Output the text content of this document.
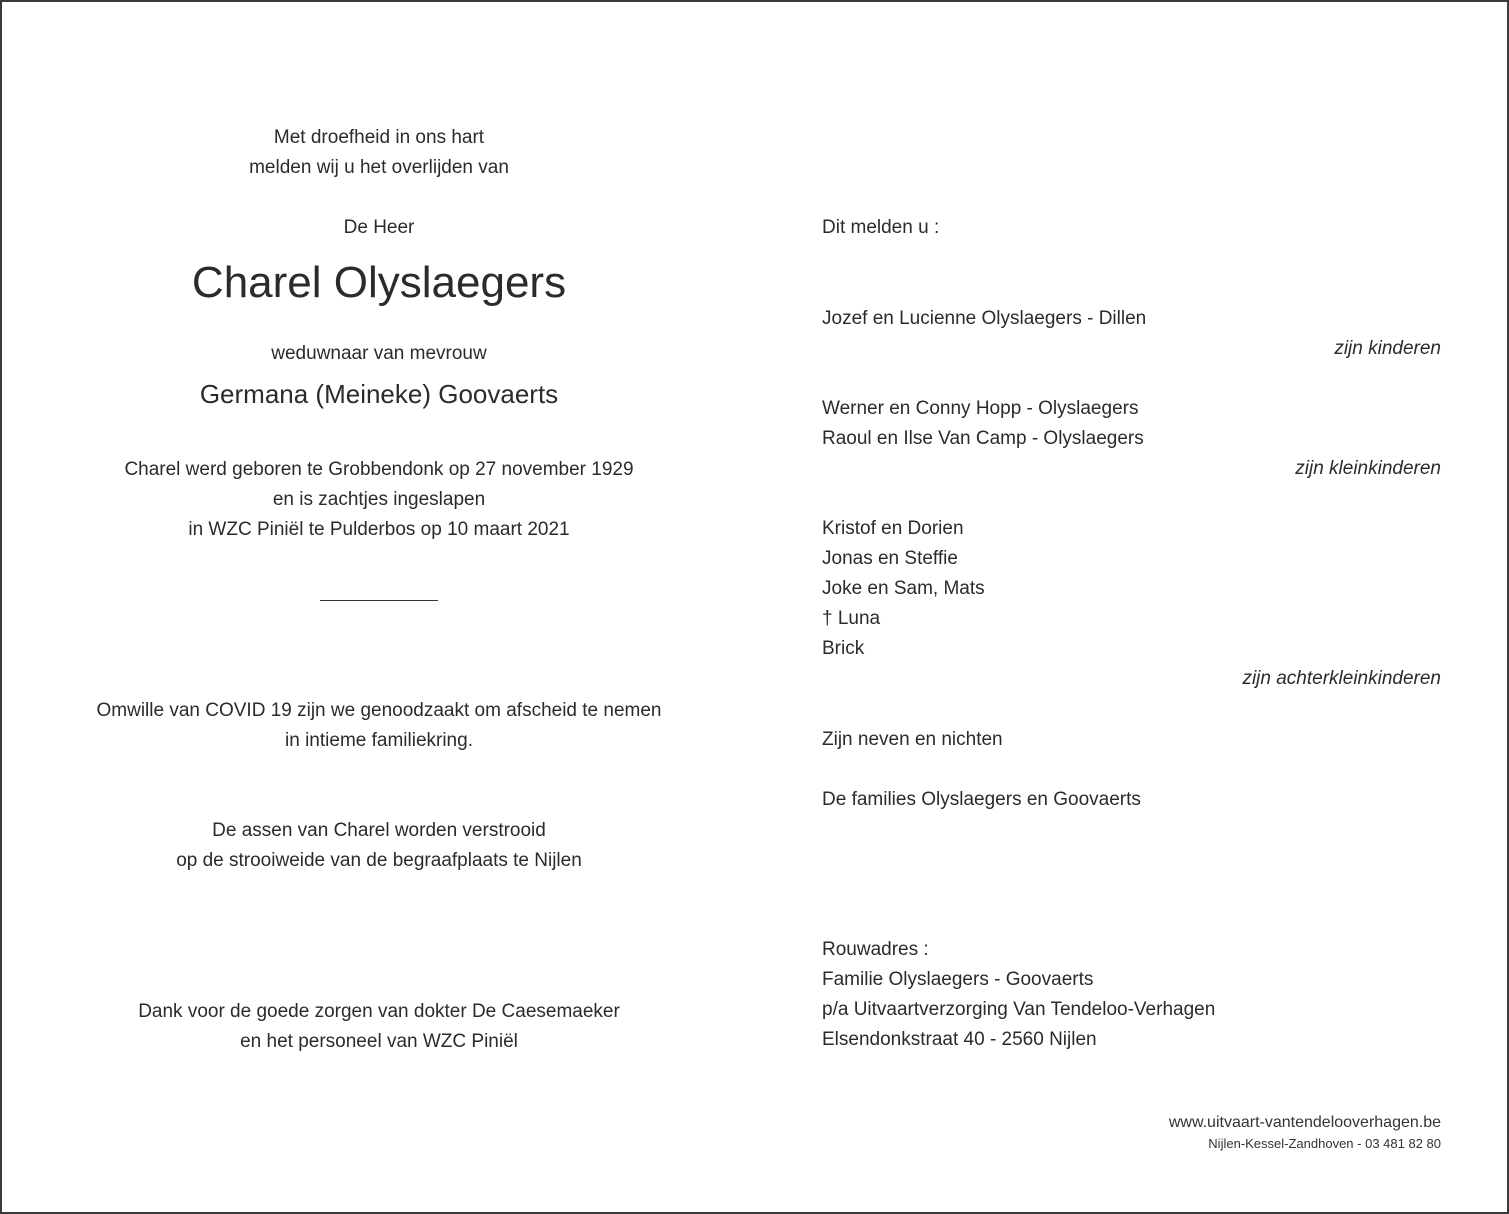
Met droefheid in ons hart
melden wij u het overlijden van
De Heer
Charel Olyslaegers
weduwnaar van mevrouw
Germana (Meineke) Goovaerts
Charel werd geboren te Grobbendonk op 27 november 1929
en is zachtjes ingeslapen
in WZC Piniël te Pulderbos op 10 maart 2021
Omwille van COVID 19 zijn we genoodzaakt om afscheid te nemen
in intieme familiekring.
De assen van Charel worden verstrooid
op de strooiweide van de begraafplaats te Nijlen
Dank voor de goede zorgen van dokter De Caesemaeker
en het personeel van WZC Piniël
Dit melden u :
Jozef en Lucienne Olyslaegers - Dillen
zijn kinderen
Werner en Conny Hopp - Olyslaegers
Raoul en Ilse Van Camp - Olyslaegers
zijn kleinkinderen
Kristof en Dorien
Jonas en Steffie
Joke en Sam, Mats
† Luna
Brick
zijn achterkleinkinderen
Zijn neven en nichten
De families Olyslaegers en Goovaerts
Rouwadres :
Familie Olyslaegers - Goovaerts
p/a Uitvaartverzorging Van Tendeloo-Verhagen
Elsendonkstraat 40 - 2560 Nijlen
www.uitvaart-vantendelooverhagen.be
Nijlen-Kessel-Zandhoven - 03 481 82 80
